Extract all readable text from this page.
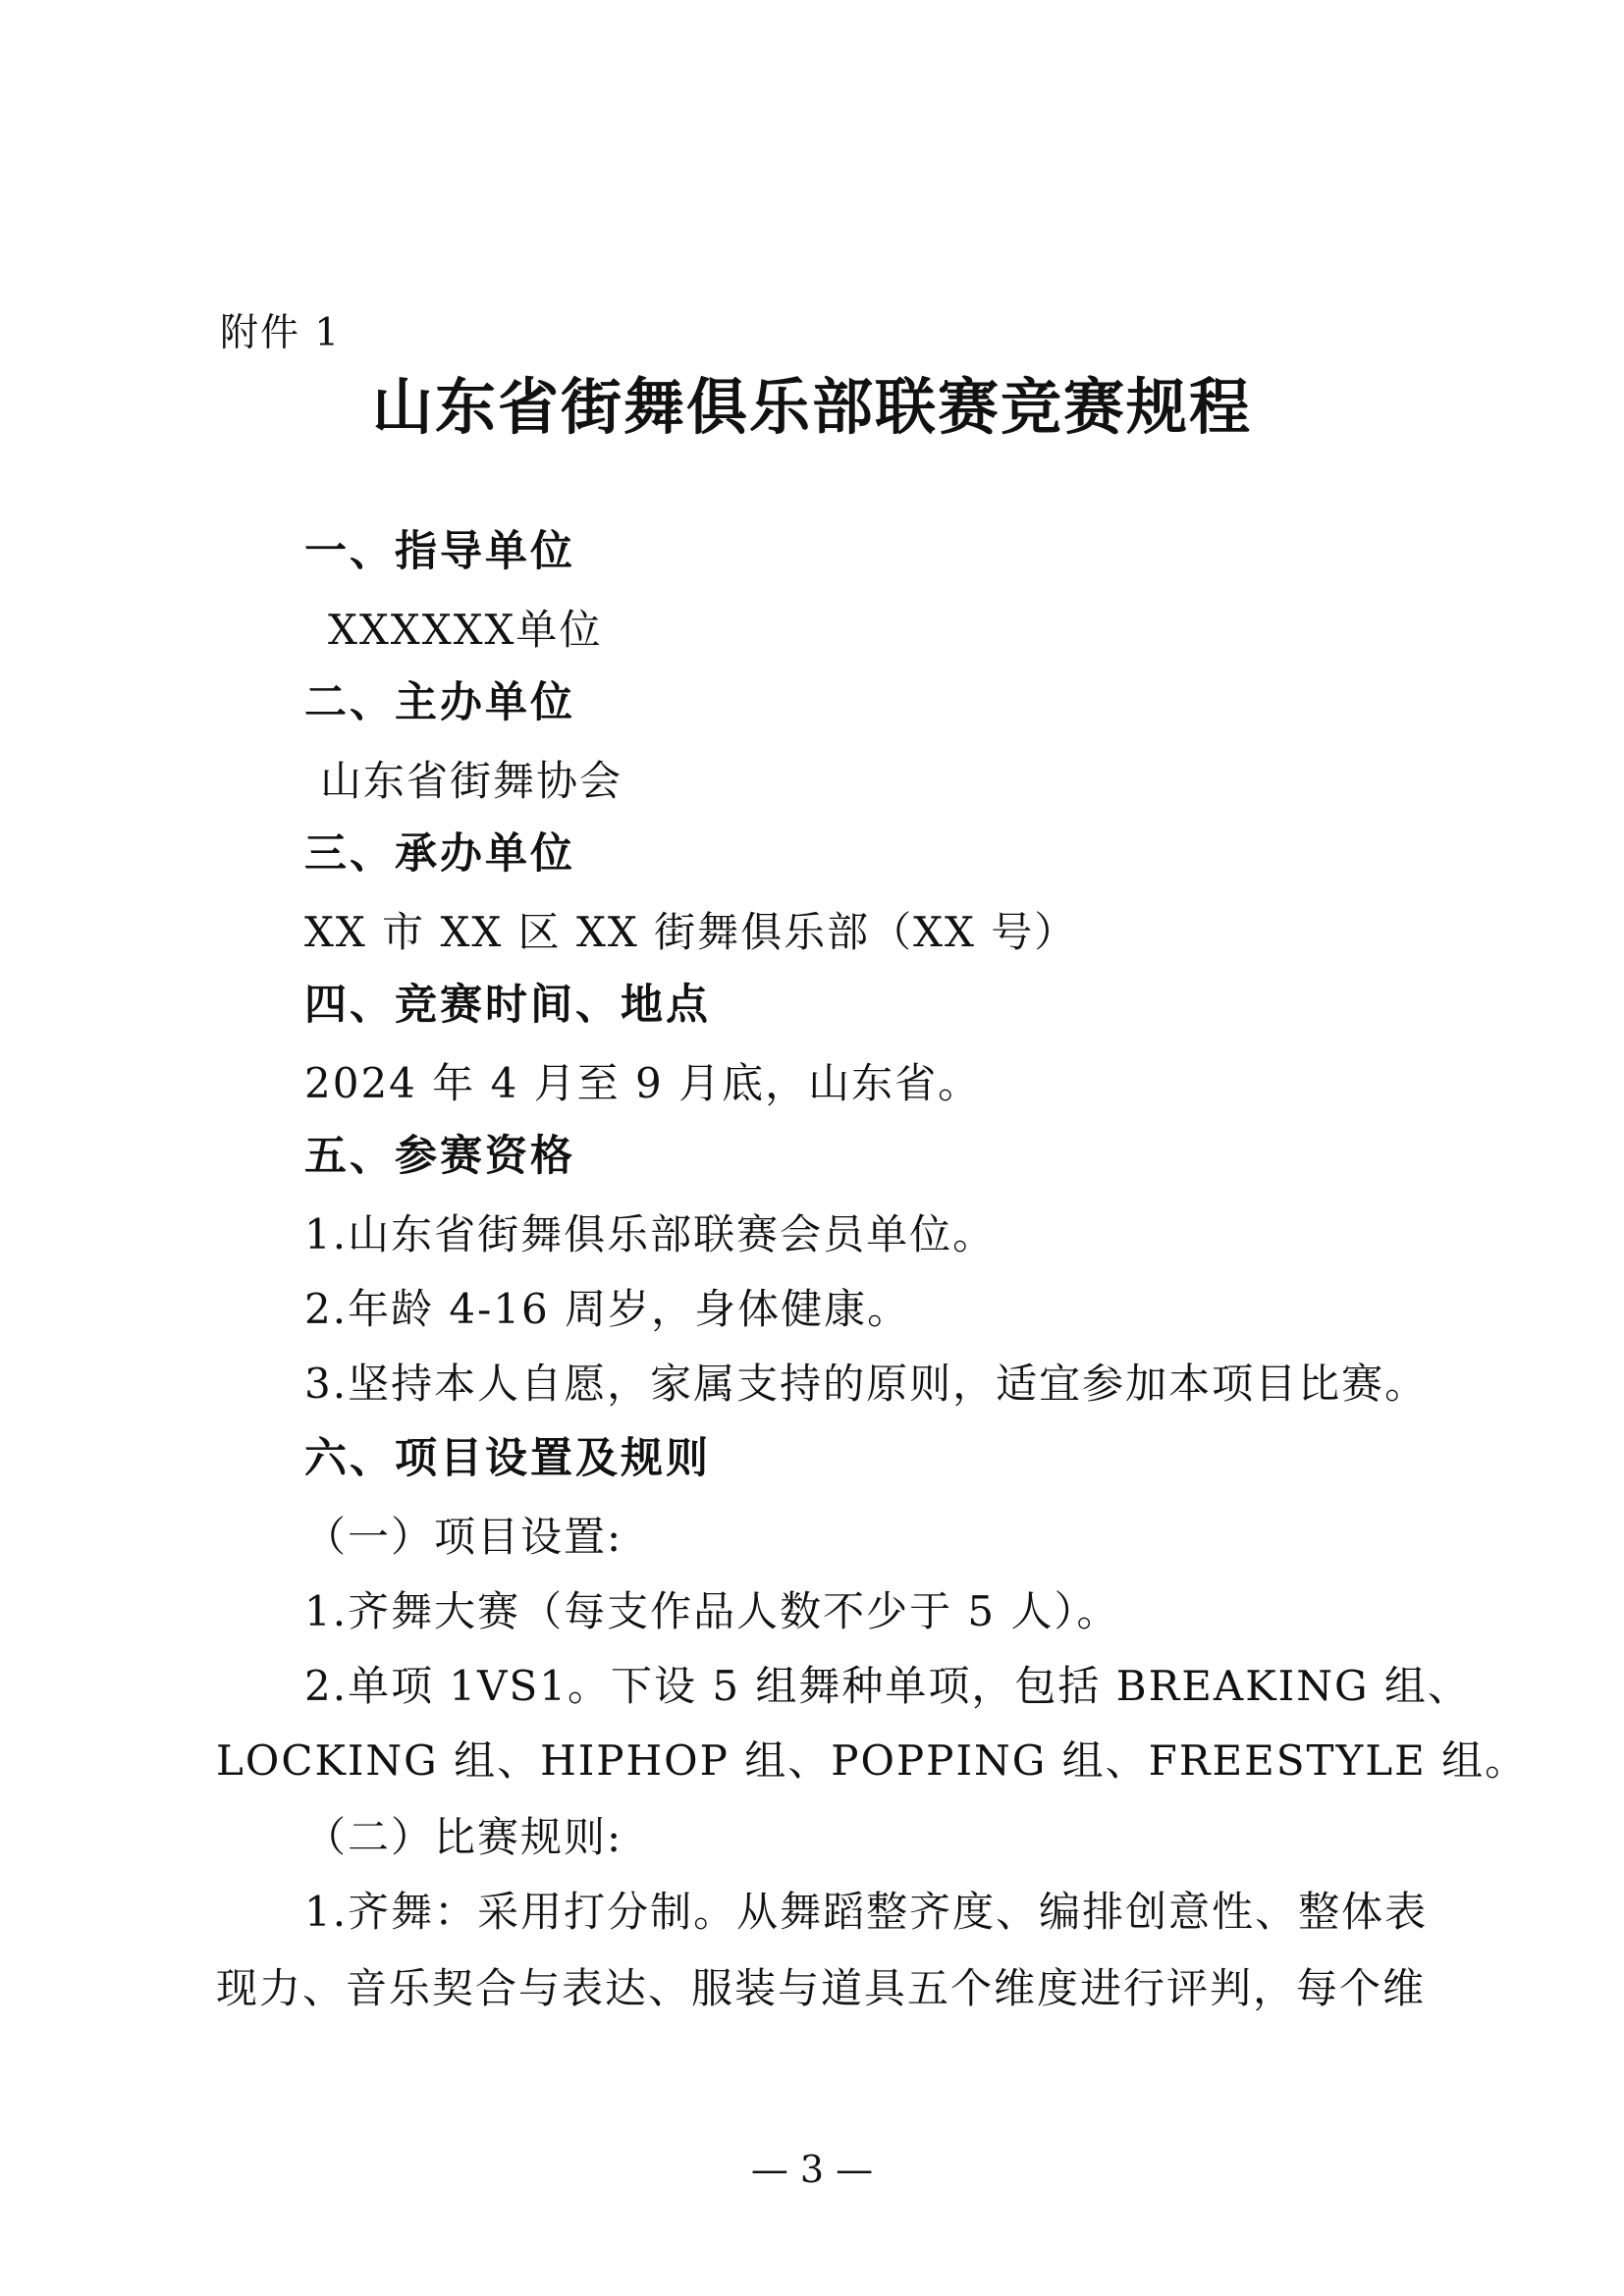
附件 1
山东省街舞俱乐部联赛竞赛规程
一、指导单位
XXXXXX单位
二、主办单位
山东省街舞协会
三、承办单位
XX 市 XX 区 XX 街舞俱乐部（XX 号）
四、竞赛时间、地点
2024 年 4 月至 9 月底，山东省。
五、参赛资格
1.山东省街舞俱乐部联赛会员单位。
2.年龄 4-16 周岁，身体健康。
3.坚持本人自愿，家属支持的原则，适宜参加本项目比赛。
六、项目设置及规则
（一）项目设置:
1.齐舞大赛（每支作品人数不少于 5 人）。
2.单项 1VS1。下设 5 组舞种单项，包括 BREAKING 组、
LOCKING 组、HIPHOP 组、POPPING 组、FREESTYLE 组。
（二）比赛规则:
1.齐舞：采用打分制。从舞蹈整齐度、编排创意性、整体表
现力、音乐契合与表达、服装与道具五个维度进行评判，每个维
— 3 —
